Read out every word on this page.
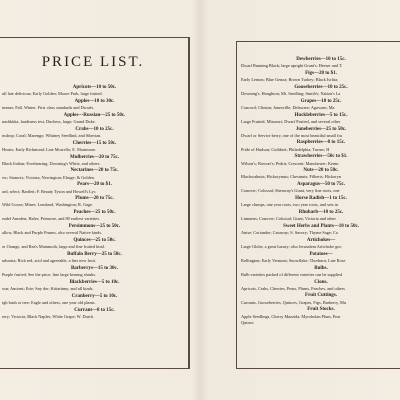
PRICE LIST.
Apricots—10 to 50c.
ull late delicious; Early Golden; Moore Park, large fruited.
Apples—10 to 30c.
immer, Fall, Winter. First class standards and Dwarfs.
Apples—Russian—25 to 50c.
nashbitka, hardiness test, Duchess, large; Grand Duke.
Crabs—10 to 25c.
nsdrop; Coral; Marengo; Whitney Seedlind, and Siberian.
Cherries—15 to 50c.
Hearts; Early Richmond; Late Morrello; E. Montmore.
Mulberries—20 to 75c.
Black Italian; Everbearing; Downing's White, and others.
Nectarines—20 to 75c.
ew; Stanwix; Victoria; Newington; Elruge; & Golden.
Pears—20 to $1.
ard, select; Bartlett; F. Beauty Tyson and Howell's Lyr.
Plums—20 to 75c.
Wild Goose; Miner; Lombard, Washington; R. Gage.
Peaches—25 to 50c.
eadel Amsden; Hales; Primrose, and 80 earliest varieties.
Persimmons—25 to 50c.
allow, Black and Purple Prunes, also several Native kinds.
Quinces—25 to 50c.
or Orange, and Rea's Mammoth, large and fine fruited kind.
Buffalo Berry—25 to 50c.
udsonia; Rich red, acid and agreeable, a fine new fruit.
Barberrys—15 to 30c.
Purple fruited; See the price; fine large bearing shrubs.
Blackberries—5 to 10c.
son; Ancient; Erie; Sny der; Kittatinny; and all kinds.
Cranberry—5 to 10c.
igh bush or tree; Eagle and others, one year old plants.
Currant—8 to 15c.
erry; Victoria; Black Naples; White Grape; W. Dutch.
Dewberries—10 to 15c.
Dwarf Running Black; large upright Grant's; Heeser and T.
Figs—20 to $1.
Early Lemon; Blue Genoa; Brown Turkey; Black Ischia;
Gooseberries—10 to 25c.
Downing's, Houghton; Mt. Seedling; Smith's; Nation's La
Grapes—10 to 25c.
Concord; Clinton; Janesville; Delaware; Agawam; Ma
Huckleberries—5 to 15c.
Large Fruited; Missouri; Dwarf Fruited, and several other
Juneberries—25 to 50c.
Dwarf or Service berry, one of the most beautiful small fru
Raspberries—8 to 15c.
Pride of Hudson; Cuthbert; Philadelphia; Turner; H
Strawberries—50c to $1.
Wilson's; Bowser's; Pedrit; Crescent; Manchester; Kentu
Nuts—20 to 50c.
Blackwalnuts; Hickorynuts; Chestnuts; Filberts; Hickoryn
Asparagus—50 to 75c.
Conover; Colossal; Shenway's Giant, very fine roots, one
Horse Radish—1 to 15c.
Large clumps, one year roots, two year roots, and sets in
Rhubarb—10 to 25c.
Linnaeus; Conover; Colossal; Giant; Victoria and other
Sweet Herbs and Plants—10 to 50c.
Anise; Coriander; Caraway; S. Savory; Thyme Sage; Ca
Artichokes—
Large Globe, a great luxury; also Jerusalem Artichoke goo
Potatoes—
Rollington; Early Vermont; Snowflake; Thorburn; Late Rose
Bulbs.
Bulb varieties packed of different varieties can be supplied
Cions.
Apricots, Crabs, Cherries, Pears, Plums, Peaches, and others
Fruit Cuttings.
Currants, Gooseberries, Quinces, Grapes, Figs, Barberry, Mu
Fruit Stocks.
Apple Seedlings, Cherry Mazzida, Myrobolan Plum, Pear
Quince.
